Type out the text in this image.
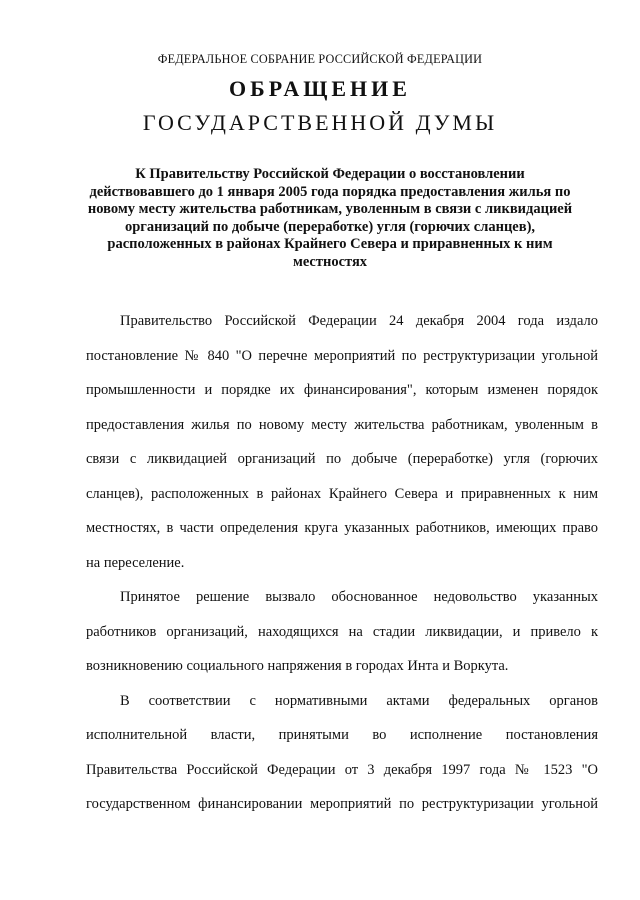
ФЕДЕРАЛЬНОЕ СОБРАНИЕ РОССИЙСКОЙ ФЕДЕРАЦИИ
ОБРАЩЕНИЕ
ГОСУДАРСТВЕННОЙ ДУМЫ
К Правительству Российской Федерации о восстановлении
действовавшего до 1 января 2005 года порядка предоставления жилья по
новому месту жительства работникам, уволенным в связи с ликвидацией
организаций по добыче (переработке) угля (горючих сланцев),
расположенных в районах Крайнего Севера и приравненных к ним
местностях
Правительство Российской Федерации 24 декабря 2004 года издало
постановление № 840 "О перечне мероприятий по реструктуризации угольной
промышленности и порядке их финансирования", которым изменен порядок
предоставления жилья по новому месту жительства работникам, уволенным в
связи с ликвидацией организаций по добыче (переработке) угля (горючих
сланцев), расположенных в районах Крайнего Севера и приравненных к ним
местностях, в части определения круга указанных работников, имеющих право
на переселение.
Принятое решение вызвало обоснованное недовольство указанных
работников организаций, находящихся на стадии ликвидации, и привело к
возникновению социального напряжения в городах Инта и Воркута.
В соответствии с нормативными актами федеральных органов
исполнительной власти, принятыми во исполнение постановления
Правительства Российской Федерации от 3 декабря 1997 года № 1523 "О
государственном финансировании мероприятий по реструктуризации угольной
